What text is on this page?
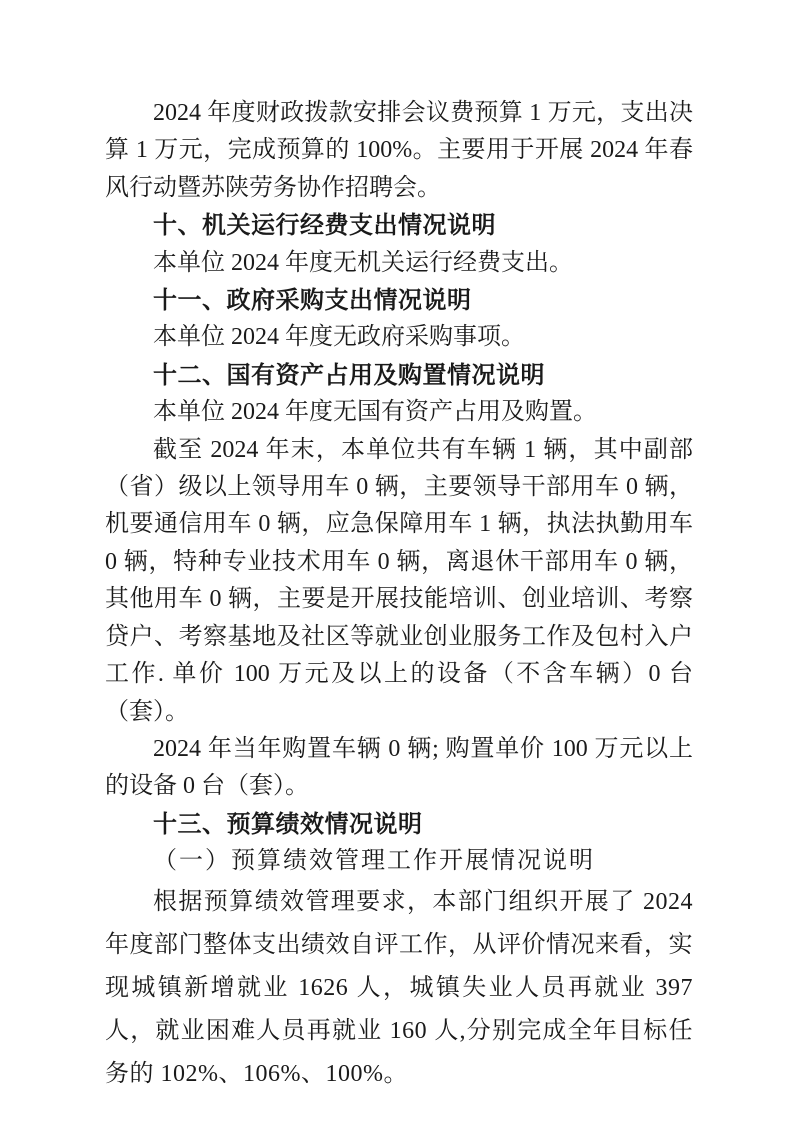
2024 年度财政拨款安排会议费预算 1 万元，支出决算 1 万元，完成预算的 100%。主要用于开展 2024 年春风行动暨苏陕劳务协作招聘会。

十、机关运行经费支出情况说明

本单位 2024 年度无机关运行经费支出。

十一、政府采购支出情况说明

本单位 2024 年度无政府采购事项。

十二、国有资产占用及购置情况说明

本单位 2024 年度无国有资产占用及购置。

截至 2024 年末，本单位共有车辆 1 辆，其中副部（省）级以上领导用车 0 辆，主要领导干部用车 0 辆，机要通信用车 0 辆，应急保障用车 1 辆，执法执勤用车 0 辆，特种专业技术用车 0 辆，离退休干部用车 0 辆，其他用车 0 辆，主要是开展技能培训、创业培训、考察贷户、考察基地及社区等就业创业服务工作及包村入户工作. 单价 100 万元及以上的设备（不含车辆）0 台（套）。

2024 年当年购置车辆 0 辆; 购置单价 100 万元以上的设备 0 台（套）。

十三、预算绩效情况说明

（一）预算绩效管理工作开展情况说明

根据预算绩效管理要求，本部门组织开展了 2024 年度部门整体支出绩效自评工作，从评价情况来看，实现城镇新增就业 1626 人，城镇失业人员再就业 397 人，就业困难人员再就业 160 人,分别完成全年目标任务的 102%、106%、100%。
